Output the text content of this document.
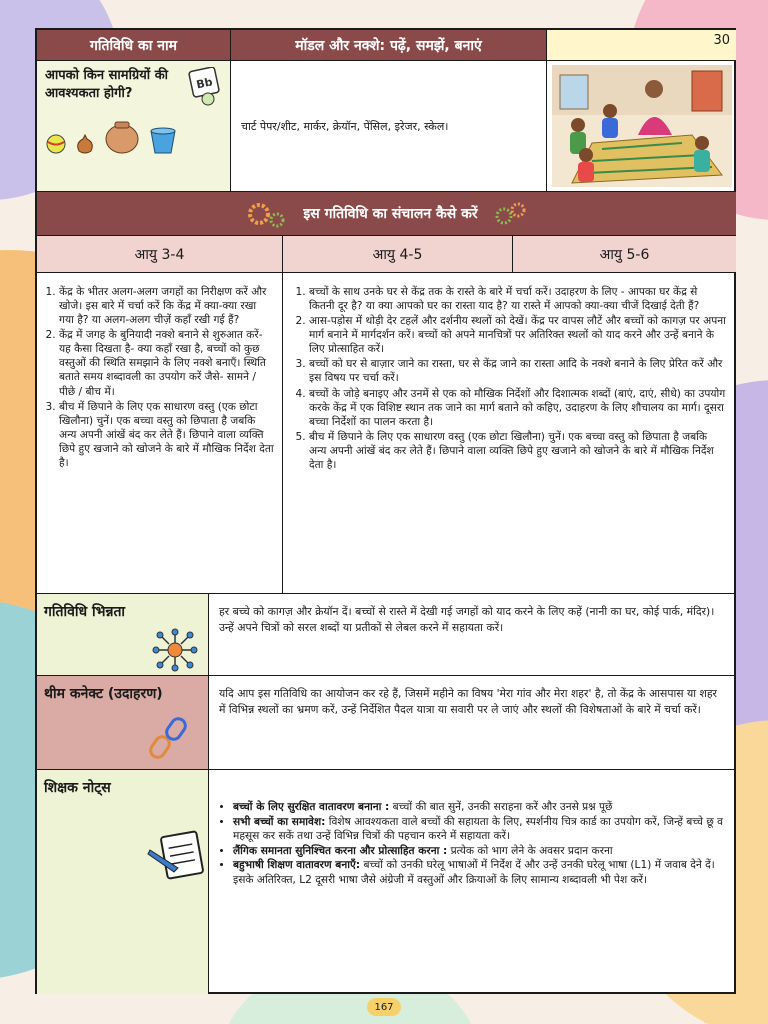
गतिविधि का नाम	मॉडल और नक्शे: पढ़ें, समझें, बनाएं	30
आपको किन सामग्रियों की आवश्यकता होगी?
Bb
चार्ट पेपर/शीट, मार्कर, क्रेयॉन, पेंसिल, इरेजर, स्केल।
इस गतिविधि का संचालन कैसे करें
आयु 3-4	आयु 4-5	आयु 5-6
1. केंद्र के भीतर अलग-अलग जगहों का निरीक्षण करें और खोजे। इस बारे में चर्चा करें कि केंद्र में क्या-क्या रखा गया है? या अलग-अलग चीज़ें कहाँ रखी गई हैं?
2. केंद्र में जगह के बुनियादी नक्शे बनाने से शुरुआत करें- यह कैसा दिखता है- क्या कहाँ रखा है, बच्चों को कुछ वस्तुओं की स्थिति समझाने के लिए नक्शे बनाएँ। स्थिति बताते समय शब्दावली का उपयोग करें जैसे- सामने / पीछे / बीच में।
3. बीच में छिपाने के लिए एक साधारण वस्तु (एक छोटा खिलौना) चुनें। एक बच्चा वस्तु को छिपाता है जबकि अन्य अपनी आंखें बंद कर लेते हैं। छिपाने वाला व्यक्ति छिपे हुए खजाने को खोजने के बारे में मौखिक निर्देश देता है।
1. बच्चों के साथ उनके घर से केंद्र तक के रास्ते के बारे में चर्चा करें। उदाहरण के लिए - आपका घर केंद्र से कितनी दूर है? या क्या आपको घर का रास्ता याद है? या रास्ते में आपको क्या-क्या चीजें दिखाई देती हैं?
2. आस-पड़ोस में थोड़ी देर टहलें और दर्शनीय स्थलों को देखें। केंद्र पर वापस लौटें और बच्चों को कागज़ पर अपना मार्ग बनाने में मार्गदर्शन करें। बच्चों को अपने मानचित्रों पर अतिरिक्त स्थलों को याद करने और उन्हें बनाने के लिए प्रोत्साहित करें।
3. बच्चों को घर से बाज़ार जाने का रास्ता, घर से केंद्र जाने का रास्ता आदि के नक्शे बनाने के लिए प्रेरित करें और इस विषय पर चर्चा करें।
4. बच्चों के जोड़े बनाइए और उनमें से एक को मौखिक निर्देशों और दिशात्मक शब्दों (बाएं, दाएं, सीधे) का उपयोग करके केंद्र में एक विशिष्ट स्थान तक जाने का मार्ग बताने को कहिए, उदाहरण के लिए शौचालय का मार्ग। दूसरा बच्चा निर्देशों का पालन करता है।
5. बीच में छिपाने के लिए एक साधारण वस्तु (एक छोटा खिलौना) चुनें। एक बच्चा वस्तु को छिपाता है जबकि अन्य अपनी आंखें बंद कर लेते हैं। छिपाने वाला व्यक्ति छिपे हुए खजाने को खोजने के बारे में मौखिक निर्देश देता है।
गतिविधि भिन्नता	हर बच्चे को कागज़ और क्रेयॉन दें। बच्चों से रास्ते में देखी गई जगहों को याद करने के लिए कहें (नानी का घर, कोई पार्क, मंदिर)। उन्हें अपने चित्रों को सरल शब्दों या प्रतीकों से लेबल करने में सहायता करें।
थीम कनेक्ट (उदाहरण)	यदि आप इस गतिविधि का आयोजन कर रहे हैं, जिसमें महीने का विषय 'मेरा गांव और मेरा शहर' है, तो केंद्र के आसपास या शहर में विभिन्न स्थलों का भ्रमण करें, उन्हें निर्देशित पैदल यात्रा या सवारी पर ले जाएं और स्थलों की विशेषताओं के बारे में चर्चा करें।
शिक्षक नोट्स
• बच्चों के लिए सुरक्षित वातावरण बनाना : बच्चों की बात सुनें, उनकी सराहना करें और उनसे प्रश्न पूछें
• सभी बच्चों का समावेश: विशेष आवश्यकता वाले बच्चों की सहायता के लिए, स्पर्शनीय चित्र कार्ड का उपयोग करें, जिन्हें बच्चे छू व महसूस कर सकें तथा उन्हें विभिन्न चित्रों की पहचान करने में सहायता करें।
• लैंगिक समानता सुनिश्चित करना और प्रोत्साहित करना : प्रत्येक को भाग लेने के अवसर प्रदान करना
• बहुभाषी शिक्षण वातावरण बनाएँ: बच्चों को उनकी घरेलू भाषाओं में निर्देश दें और उन्हें उनकी घरेलू भाषा (L1) में जवाब देने दें। इसके अतिरिक्त, L2 दूसरी भाषा जैसे अंग्रेजी में वस्तुओं और क्रियाओं के लिए सामान्य शब्दावली भी पेश करें।
167
